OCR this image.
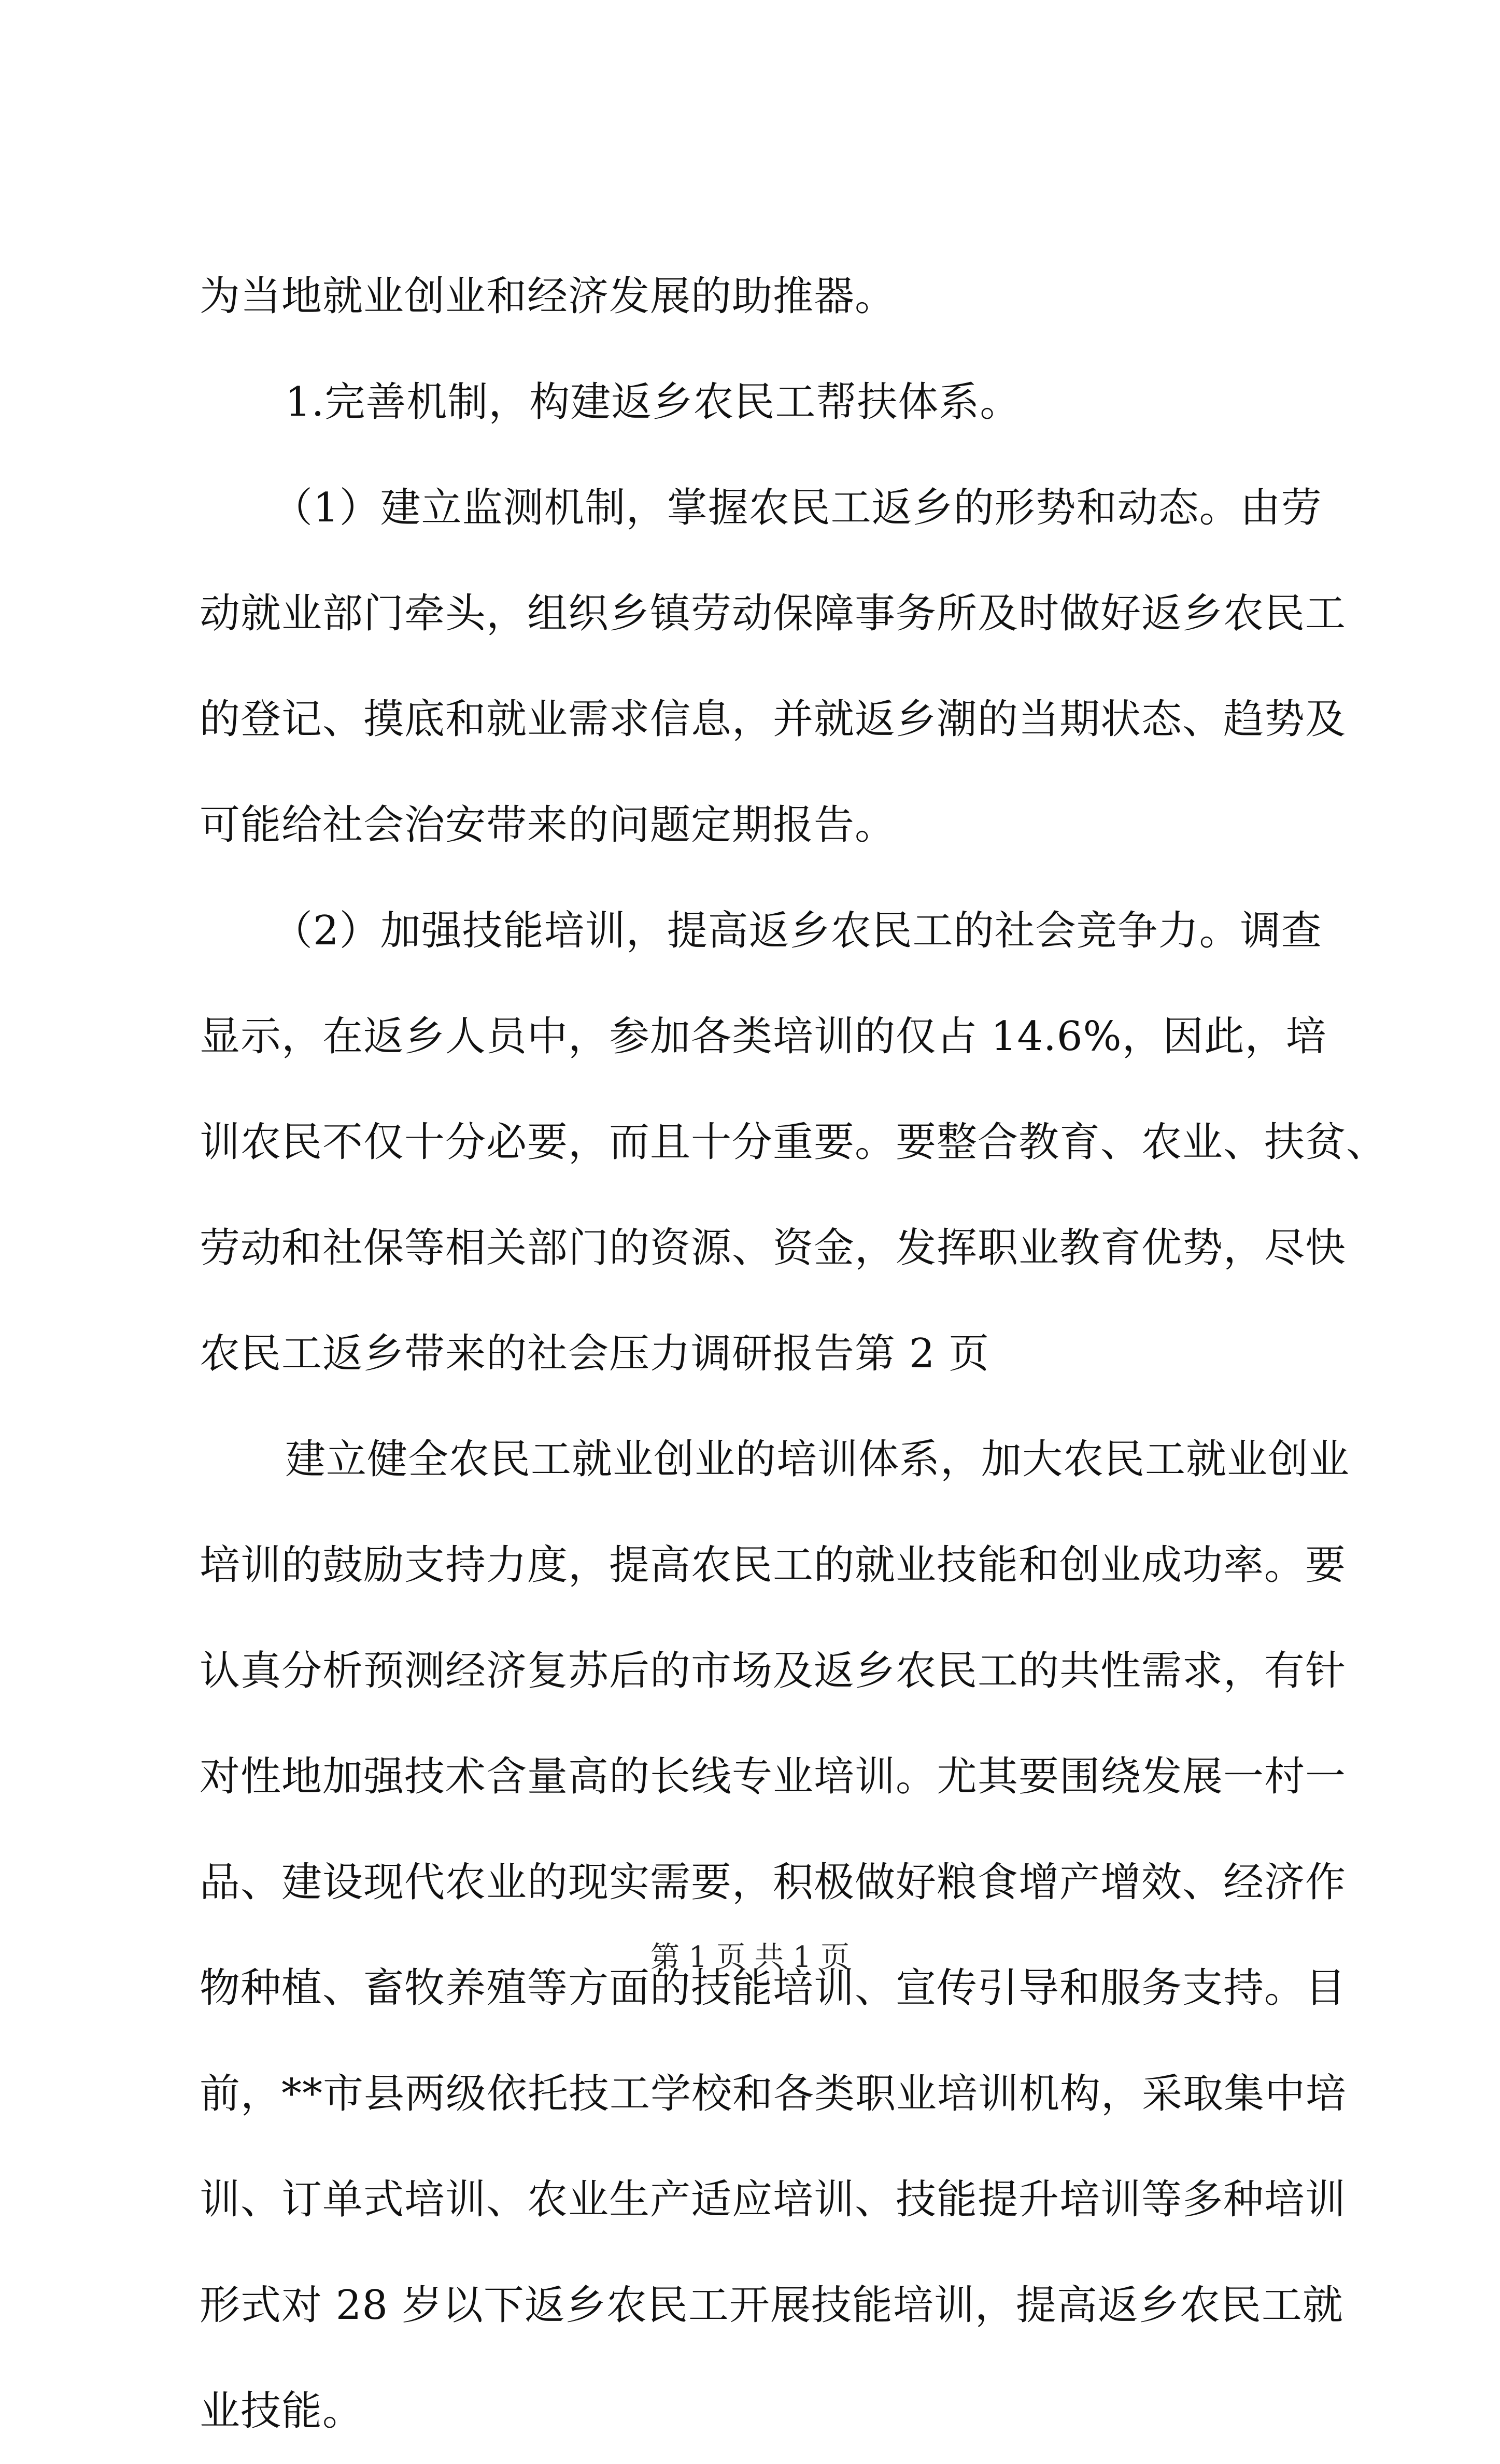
为当地就业创业和经济发展的助推器。
1.完善机制，构建返乡农民工帮扶体系。
（1）建立监测机制，掌握农民工返乡的形势和动态。由劳
动就业部门牵头，组织乡镇劳动保障事务所及时做好返乡农民工
的登记、摸底和就业需求信息，并就返乡潮的当期状态、趋势及
可能给社会治安带来的问题定期报告。
（2）加强技能培训，提高返乡农民工的社会竞争力。调查
显示，在返乡人员中，参加各类培训的仅占 14.6%，因此，培
训农民不仅十分必要，而且十分重要。要整合教育、农业、扶贫、
劳动和社保等相关部门的资源、资金，发挥职业教育优势，尽快
农民工返乡带来的社会压力调研报告第 2 页
建立健全农民工就业创业的培训体系，加大农民工就业创业
培训的鼓励支持力度，提高农民工的就业技能和创业成功率。要
认真分析预测经济复苏后的市场及返乡农民工的共性需求，有针
对性地加强技术含量高的长线专业培训。尤其要围绕发展一村一
品、建设现代农业的现实需要，积极做好粮食增产增效、经济作
物种植、畜牧养殖等方面的技能培训、宣传引导和服务支持。目
前，**市县两级依托技工学校和各类职业培训机构，采取集中培
训、订单式培训、农业生产适应培训、技能提升培训等多种培训
形式对 28 岁以下返乡农民工开展技能培训，提高返乡农民工就
业技能。
第 1 页 共 1 页
